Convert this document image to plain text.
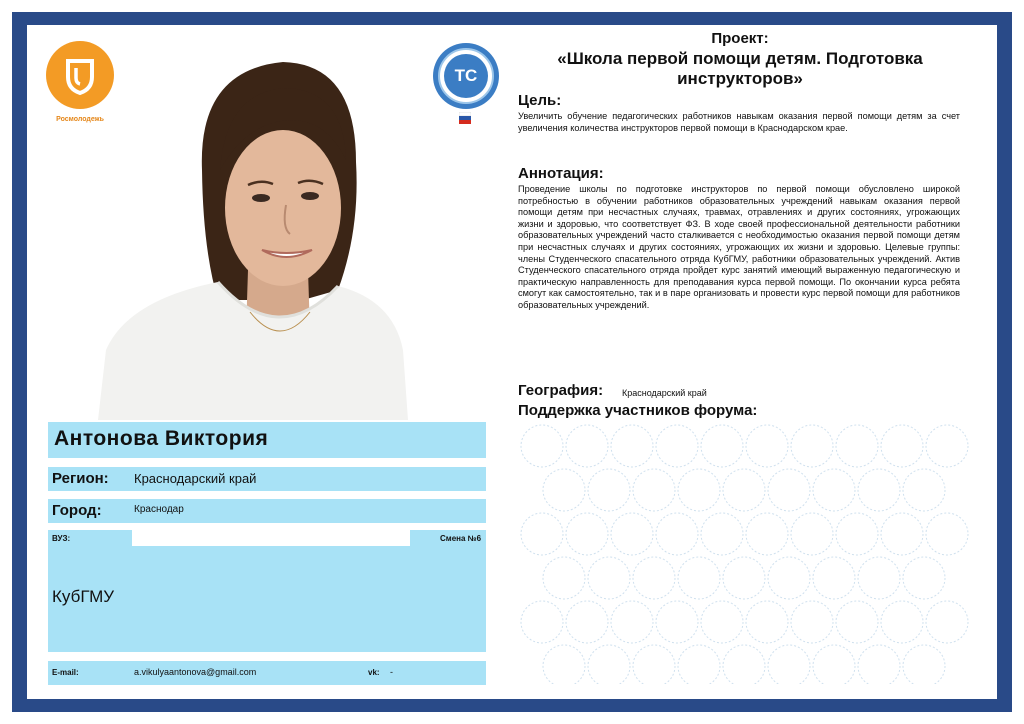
Росмолодежь
ТС
Антонова Виктория
Регион: Краснодарский край
Город:	Краснодар
ВУЗ:	Смена №6
КубГМУ
E-mail:	a.vikulyaantonova@gmail.com	vk: -
Проект:
«Школа первой помощи детям. Подготовка
инструкторов»
Цель:
Увеличить обучение педагогических работников навыкам оказания первой помощи детям за счет увеличения количества инструкторов первой помощи в Краснодарском крае.
Аннотация:
Проведение школы по подготовке инструкторов по первой помощи обусловлено широкой потребностью в обучении работников образовательных учреждений навыкам оказания первой помощи детям при несчастных случаях, травмах, отравлениях и других состояниях, угрожающих жизни и здоровью, что соответствует ФЗ. В ходе своей профессиональной деятельности работники образовательных учреждений часто сталкивается с необходимостью оказания первой помощи детям при несчастных случаях и других состояниях, угрожающих их жизни и здоровью. Целевые группы: члены Студенческого спасательного отряда КубГМУ, работники образовательных учреждений. Актив Студенческого спасательного отряда пройдет курс занятий имеющий выраженную педагогическую и практическую направленность для преподавания курса первой помощи. По окончании курса ребята смогут как самостоятельно, так и в паре организовать и провести курс первой помощи для работников образовательных учреждений.
География: Краснодарский край
Поддержка участников форума:
